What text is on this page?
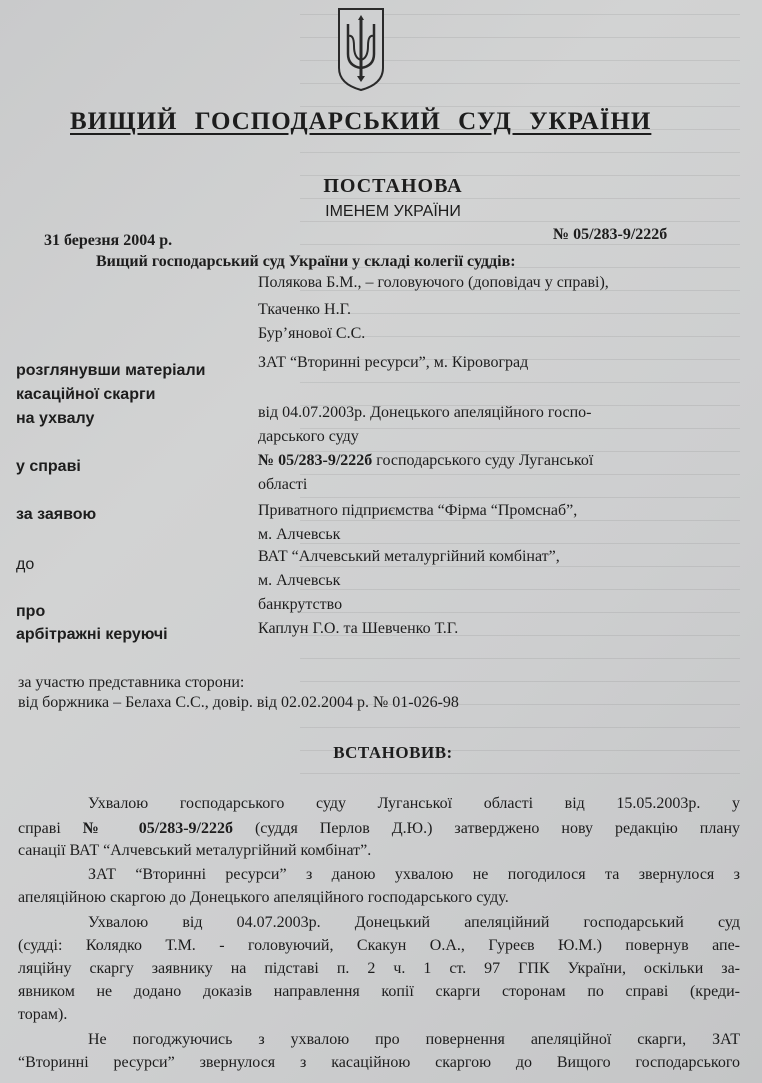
ВИЩИЙ ГОСПОДАРСЬКИЙ СУД УКРАЇНИ
ПОСТАНОВА
ІМЕНЕМ УКРАЇНИ
31 березня 2004 р.	№ 05/283-9/222б
Вищий господарський суд України у складі колегії суддів:
Полякова Б.М., – головуючого (доповідач у справі),
Ткаченко Н.Г.
Бур’янової С.С.
розглянувши матеріали	ЗАТ “Вторинні ресурси”, м. Кіровоград
касаційної скарги
на ухвалу	від 04.07.2003р. Донецького апеляційного госпо-
дарського суду
у справі	№ 05/283-9/222б господарського суду Луганської
області
за заявою	Приватного підприємства “Фірма “Промснаб”,
м. Алчевськ
до	ВАТ “Алчевський металургійний комбінат”,
м. Алчевськ
про	банкрутство
арбітражні керуючі	Каплун Г.О. та Шевченко Т.Г.
за участю представника сторони:
від боржника – Белаха С.С., довір. від 02.02.2004 р. № 01-026-98
ВСТАНОВИВ:
Ухвалою господарського суду Луганської області від 15.05.2003р. у
справі № 05/283-9/222б (суддя Перлов Д.Ю.) затверджено нову редакцію плану
санації ВАТ “Алчевський металургійний комбінат”.
ЗАТ “Вторинні ресурси” з даною ухвалою не погодилося та звернулося з
апеляційною скаргою до Донецького апеляційного господарського суду.
Ухвалою від 04.07.2003р. Донецький апеляційний господарський суд
(судді: Колядко Т.М. - головуючий, Скакун О.А., Гуреєв Ю.М.) повернув апе-
ляційну скаргу заявнику на підставі п. 2 ч. 1 ст. 97 ГПК України, оскільки за-
явником не додано доказів направлення копії скарги сторонам по справі (креди-
торам).
Не погоджуючись з ухвалою про повернення апеляційної скарги, ЗАТ
“Вторинні ресурси” звернулося з касаційною скаргою до Вищого господарського
